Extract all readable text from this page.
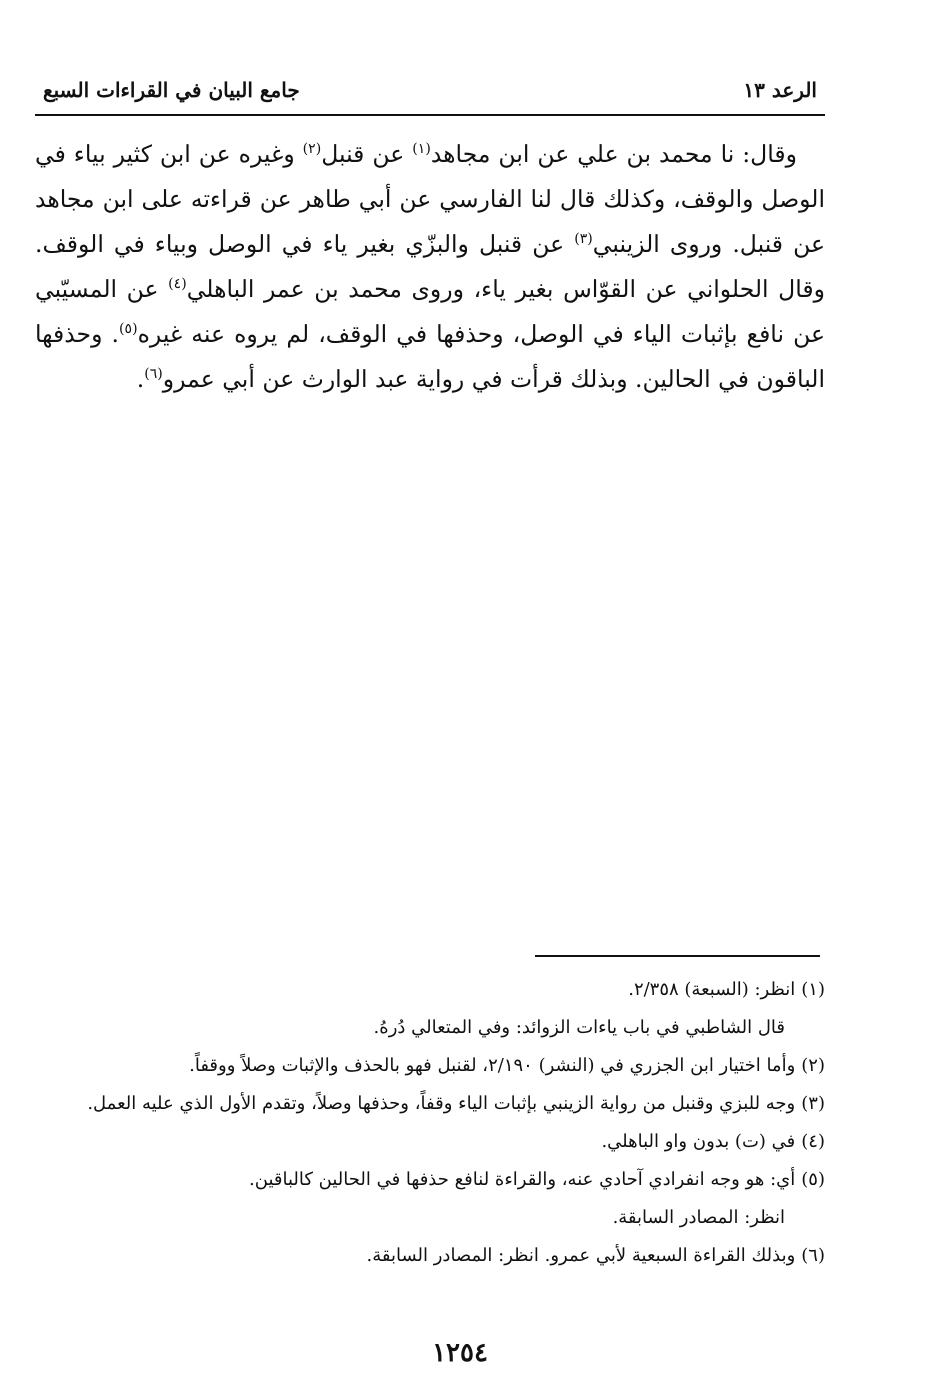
الرعد ١٣
جامع البيان في القراءات السبع

وقال: نا محمد بن علي عن ابن مجاهد$^{(١)}$ عن قنبل$^{(٢)}$ وغيره عن ابن كثير بياء في الوصل والوقف، وكذلك قال لنا الفارسي عن أبي طاهر عن قراءته على ابن مجاهد عن قنبل. وروى الزينبي$^{(٣)}$ عن قنبل والبزّي بغير ياء في الوصل وبياء في الوقف. وقال الحلواني عن القوّاس بغير ياء، وروى محمد بن عمر الباهلي$^{(٤)}$ عن المسيّبي عن نافع بإثبات الياء في الوصل، وحذفها في الوقف، لم يروه عنه غيره$^{(٥)}$. وحذفها الباقون في الحالين. وبذلك قرأت في رواية عبد الوارث عن أبي عمرو$^{(٦)}$.

(١)انظر: (السبعة) ٢/٣٥٨.

قال الشاطبي في باب ياءات الزوائد: وفي المتعالي دُرهُ.

(٢)وأما اختيار ابن الجزري في (النشر) ٢/١٩٠، لقنبل فهو بالحذف والإثبات وصلاً ووقفاً.

(٣)وجه للبزي وقنبل من رواية الزينبي بإثبات الياء وقفاً، وحذفها وصلاً، وتقدم الأول الذي عليه العمل.

(٤)في (ت) بدون واو الباهلي.

(٥)أي: هو وجه انفرادي آحادي عنه، والقراءة لنافع حذفها في الحالين كالباقين.

انظر: المصادر السابقة.

(٦)وبذلك القراءة السبعية لأبي عمرو. انظر: المصادر السابقة.

١٢٥٤
